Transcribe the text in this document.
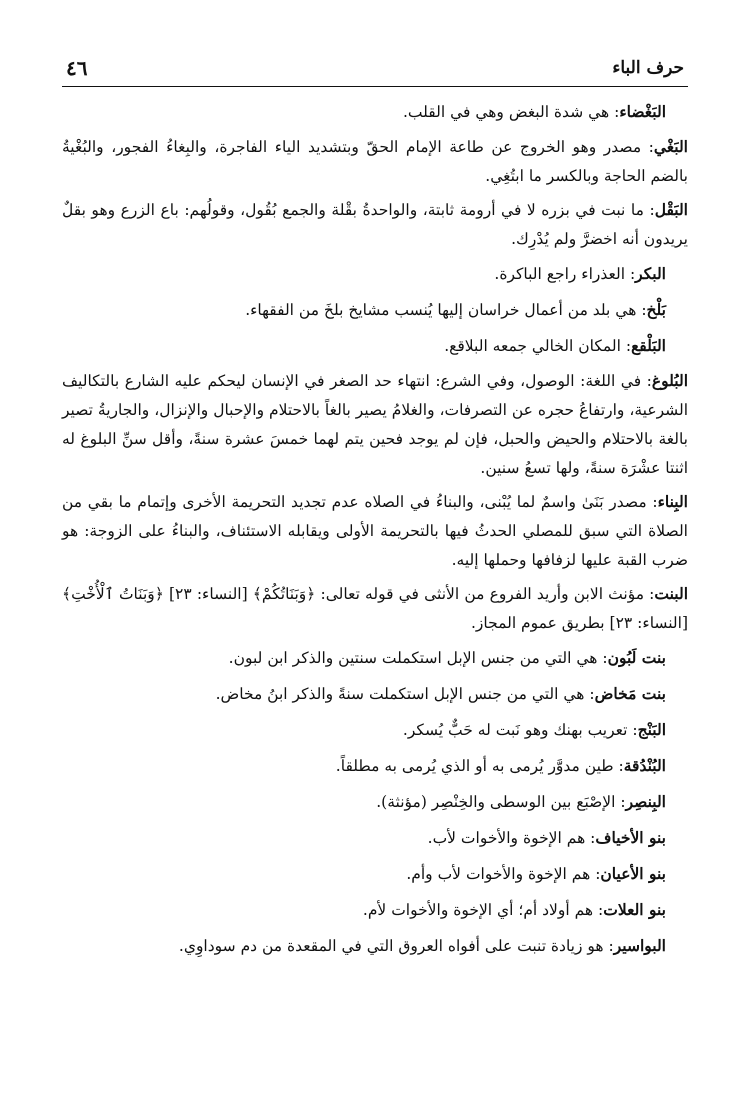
حرف الباء
٤٦

البَغْضاء: هي شدة البغض وهي في القلب.

البَغْي: مصدر وهو الخروج عن طاعة الإمام الحقّ وبتشديد الياء الفاجرة، والبِغاءُ الفجور، والبُغْيةُ بالضم الحاجة وبالكسر ما ابتُغِي.

البَقْل: ما نبت في بزره لا في أرومة ثابتة، والواحدةُ بقْلة والجمع بُقُول، وقولُهم: باع الزرع وهو بقلٌ يريدون أنه اخضرَّ ولم يُدْرِك.

البكر: العذراء راجع الباكرة.

بَلْخ: هي بلد من أعمال خراسان إليها يُنسب مشايخ بلخَ من الفقهاء.

البَلْقع: المكان الخالي جمعه البلاقع.

البُلوغ: في اللغة: الوصول، وفي الشرع: انتهاء حد الصغر في الإنسان ليحكم عليه الشارع بالتكاليف الشرعية، وارتفاعُ حجره عن التصرفات، والغلامُ يصير بالغاً بالاحتلام والإحبال والإنزال، والجاريةُ تصير بالغة بالاحتلام والحيض والحبل، فإن لم يوجد فحين يتم لهما خمسَ عشرة سنةً، وأقل سنِّ البلوغ له اثنتا عشْرَة سنةً، ولها تسعُ سنين.

البِناء: مصدر بَنَىٰ واسمٌ لما يُبْنى، والبناءُ في الصلاه عدم تجديد التحريمة الأخرى وإتمام ما بقي من الصلاة التي سبق للمصلي الحدثُ فيها بالتحريمة الأولى ويقابله الاستئناف، والبناءُ على الزوجة: هو ضرب القبة عليها لزفافها وحملها إليه.

البنت: مؤنث الابن وأريد الفروع من الأنثى في قوله تعالى: ﴿وَبَنَاتُكُمْ﴾ [النساء: ٢٣] ﴿وَبَنَاتُ ٱلْأُخْتِ﴾ [النساء: ٢٣] بطريق عموم المجاز.

بنت لَبُون: هي التي من جنس الإبل استكملت سنتين والذكر ابن لبون.

بنت مَخاض: هي التي من جنس الإبل استكملت سنةً والذكر ابنُ مخاض.

البَنْج: تعريب بهنك وهو نَبت له حَبٌّ يُسكر.

البُنْدُقة: طين مدوَّر يُرمى به أو الذي يُرمى به مطلقاً.

البِنصِر: الإصْبَع بين الوسطى والخِنْصِر (مؤنثة).

بنو الأخياف: هم الإخوة والأخوات لأب.

بنو الأعيان: هم الإخوة والأخوات لأب وأم.

بنو العلات: هم أولاد أم؛ أي الإخوة والأخوات لأم.

البواسير: هو زيادة تنبت على أفواه العروق التي في المقعدة من دم سوداوِي.
